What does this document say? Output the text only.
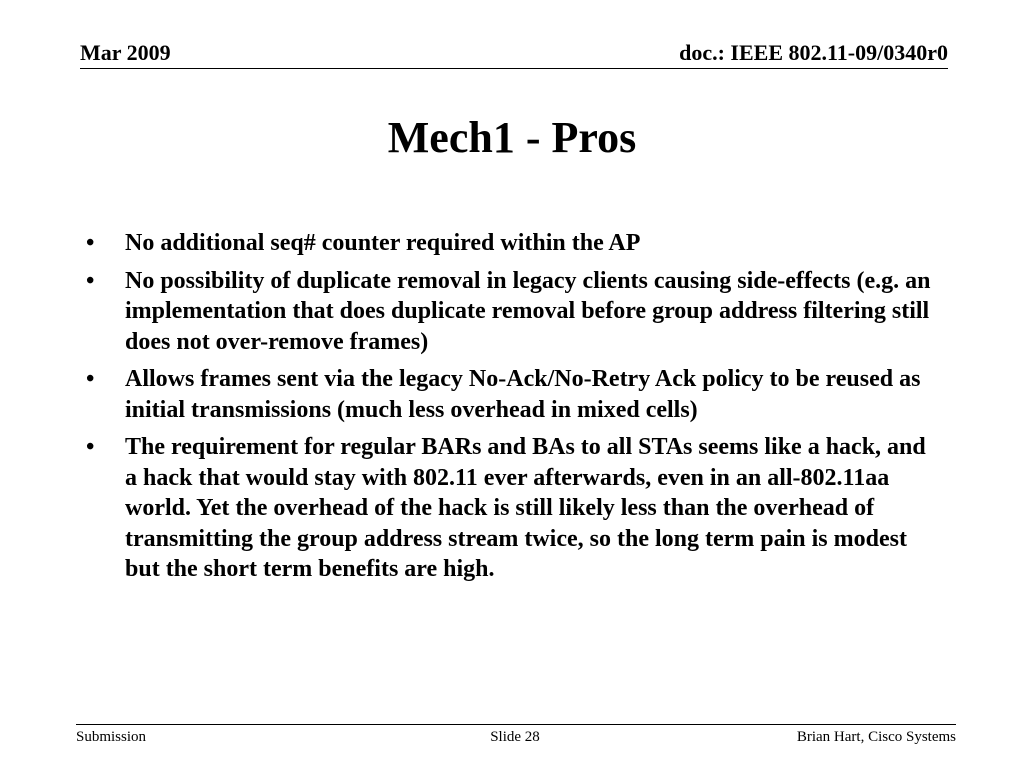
Mar 2009	doc.: IEEE 802.11-09/0340r0
Mech1 - Pros
• No additional seq# counter required within the AP
• No possibility of duplicate removal in legacy clients causing side-effects (e.g. an implementation that does duplicate removal before group address filtering still does not over-remove frames)
• Allows frames sent via the legacy No-Ack/No-Retry Ack policy to be reused as initial transmissions (much less overhead in mixed cells)
• The requirement for regular BARs and BAs to all STAs seems like a hack, and a hack that would stay with 802.11 ever afterwards, even in an all-802.11aa world. Yet the overhead of the hack is still likely less than the overhead of transmitting the group address stream twice, so the long term pain is modest but the short term benefits are high.
Submission	Slide 28	Brian Hart, Cisco Systems
